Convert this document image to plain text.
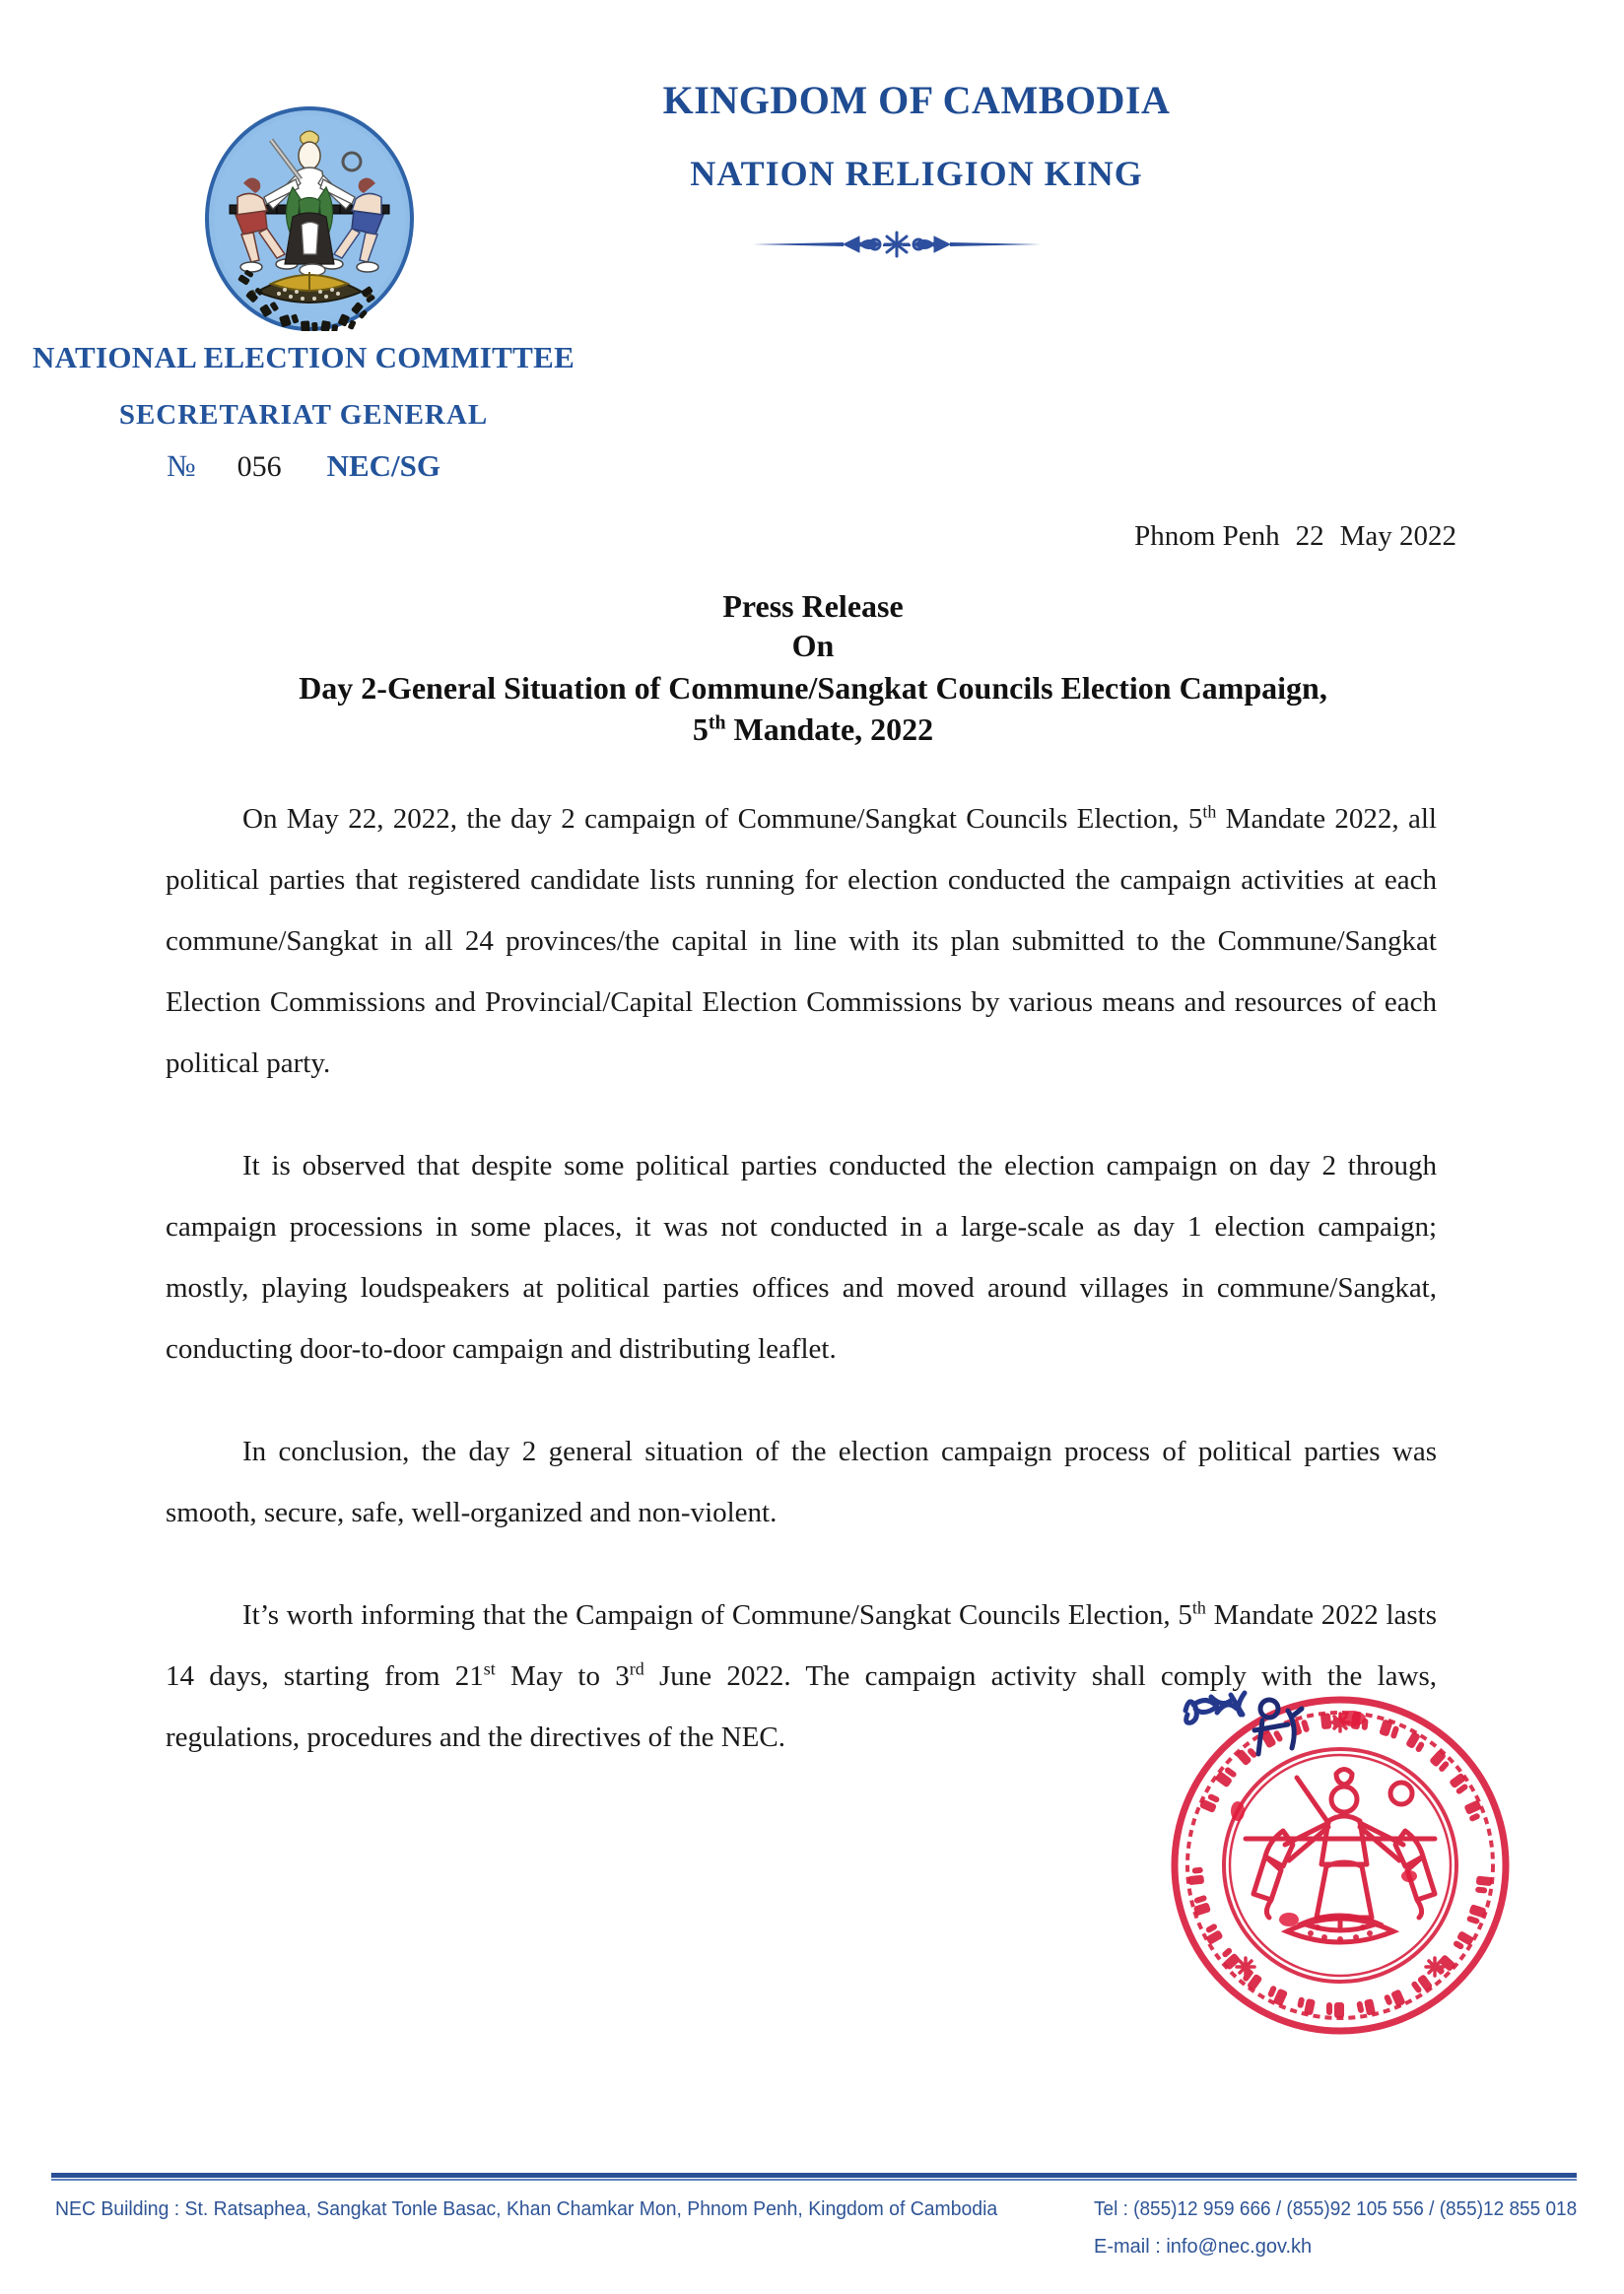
KINGDOM OF CAMBODIA
NATION RELIGION KING
NATIONAL ELECTION COMMITTEE
SECRETARIAT GENERAL
№ 056 NEC/SG
Phnom Penh 22 May 2022
Press Release
On
Day 2-General Situation of Commune/Sangkat Councils Election Campaign,
5th Mandate, 2022

On May 22, 2022, the day 2 campaign of Commune/Sangkat Councils Election, 5th Mandate 2022, all political parties that registered candidate lists running for election conducted the campaign activities at each commune/Sangkat in all 24 provinces/the capital in line with its plan submitted to the Commune/Sangkat Election Commissions and Provincial/Capital Election Commissions by various means and resources of each political party.

It is observed that despite some political parties conducted the election campaign on day 2 through campaign processions in some places, it was not conducted in a large-scale as day 1 election campaign; mostly, playing loudspeakers at political parties offices and moved around villages in commune/Sangkat, conducting door-to-door campaign and distributing leaflet.

In conclusion, the day 2 general situation of the election campaign process of political parties was smooth, secure, safe, well-organized and non-violent.

It’s worth informing that the Campaign of Commune/Sangkat Councils Election, 5th Mandate 2022 lasts 14 days, starting from 21st May to 3rd June 2022. The campaign activity shall comply with the laws, regulations, procedures and the directives of the NEC.

NEC Building : St. Ratsaphea, Sangkat Tonle Basac, Khan Chamkar Mon, Phnom Penh, Kingdom of Cambodia	Tel : (855)12 959 666 / (855)92 105 556 / (855)12 855 018
E-mail : info@nec.gov.kh
